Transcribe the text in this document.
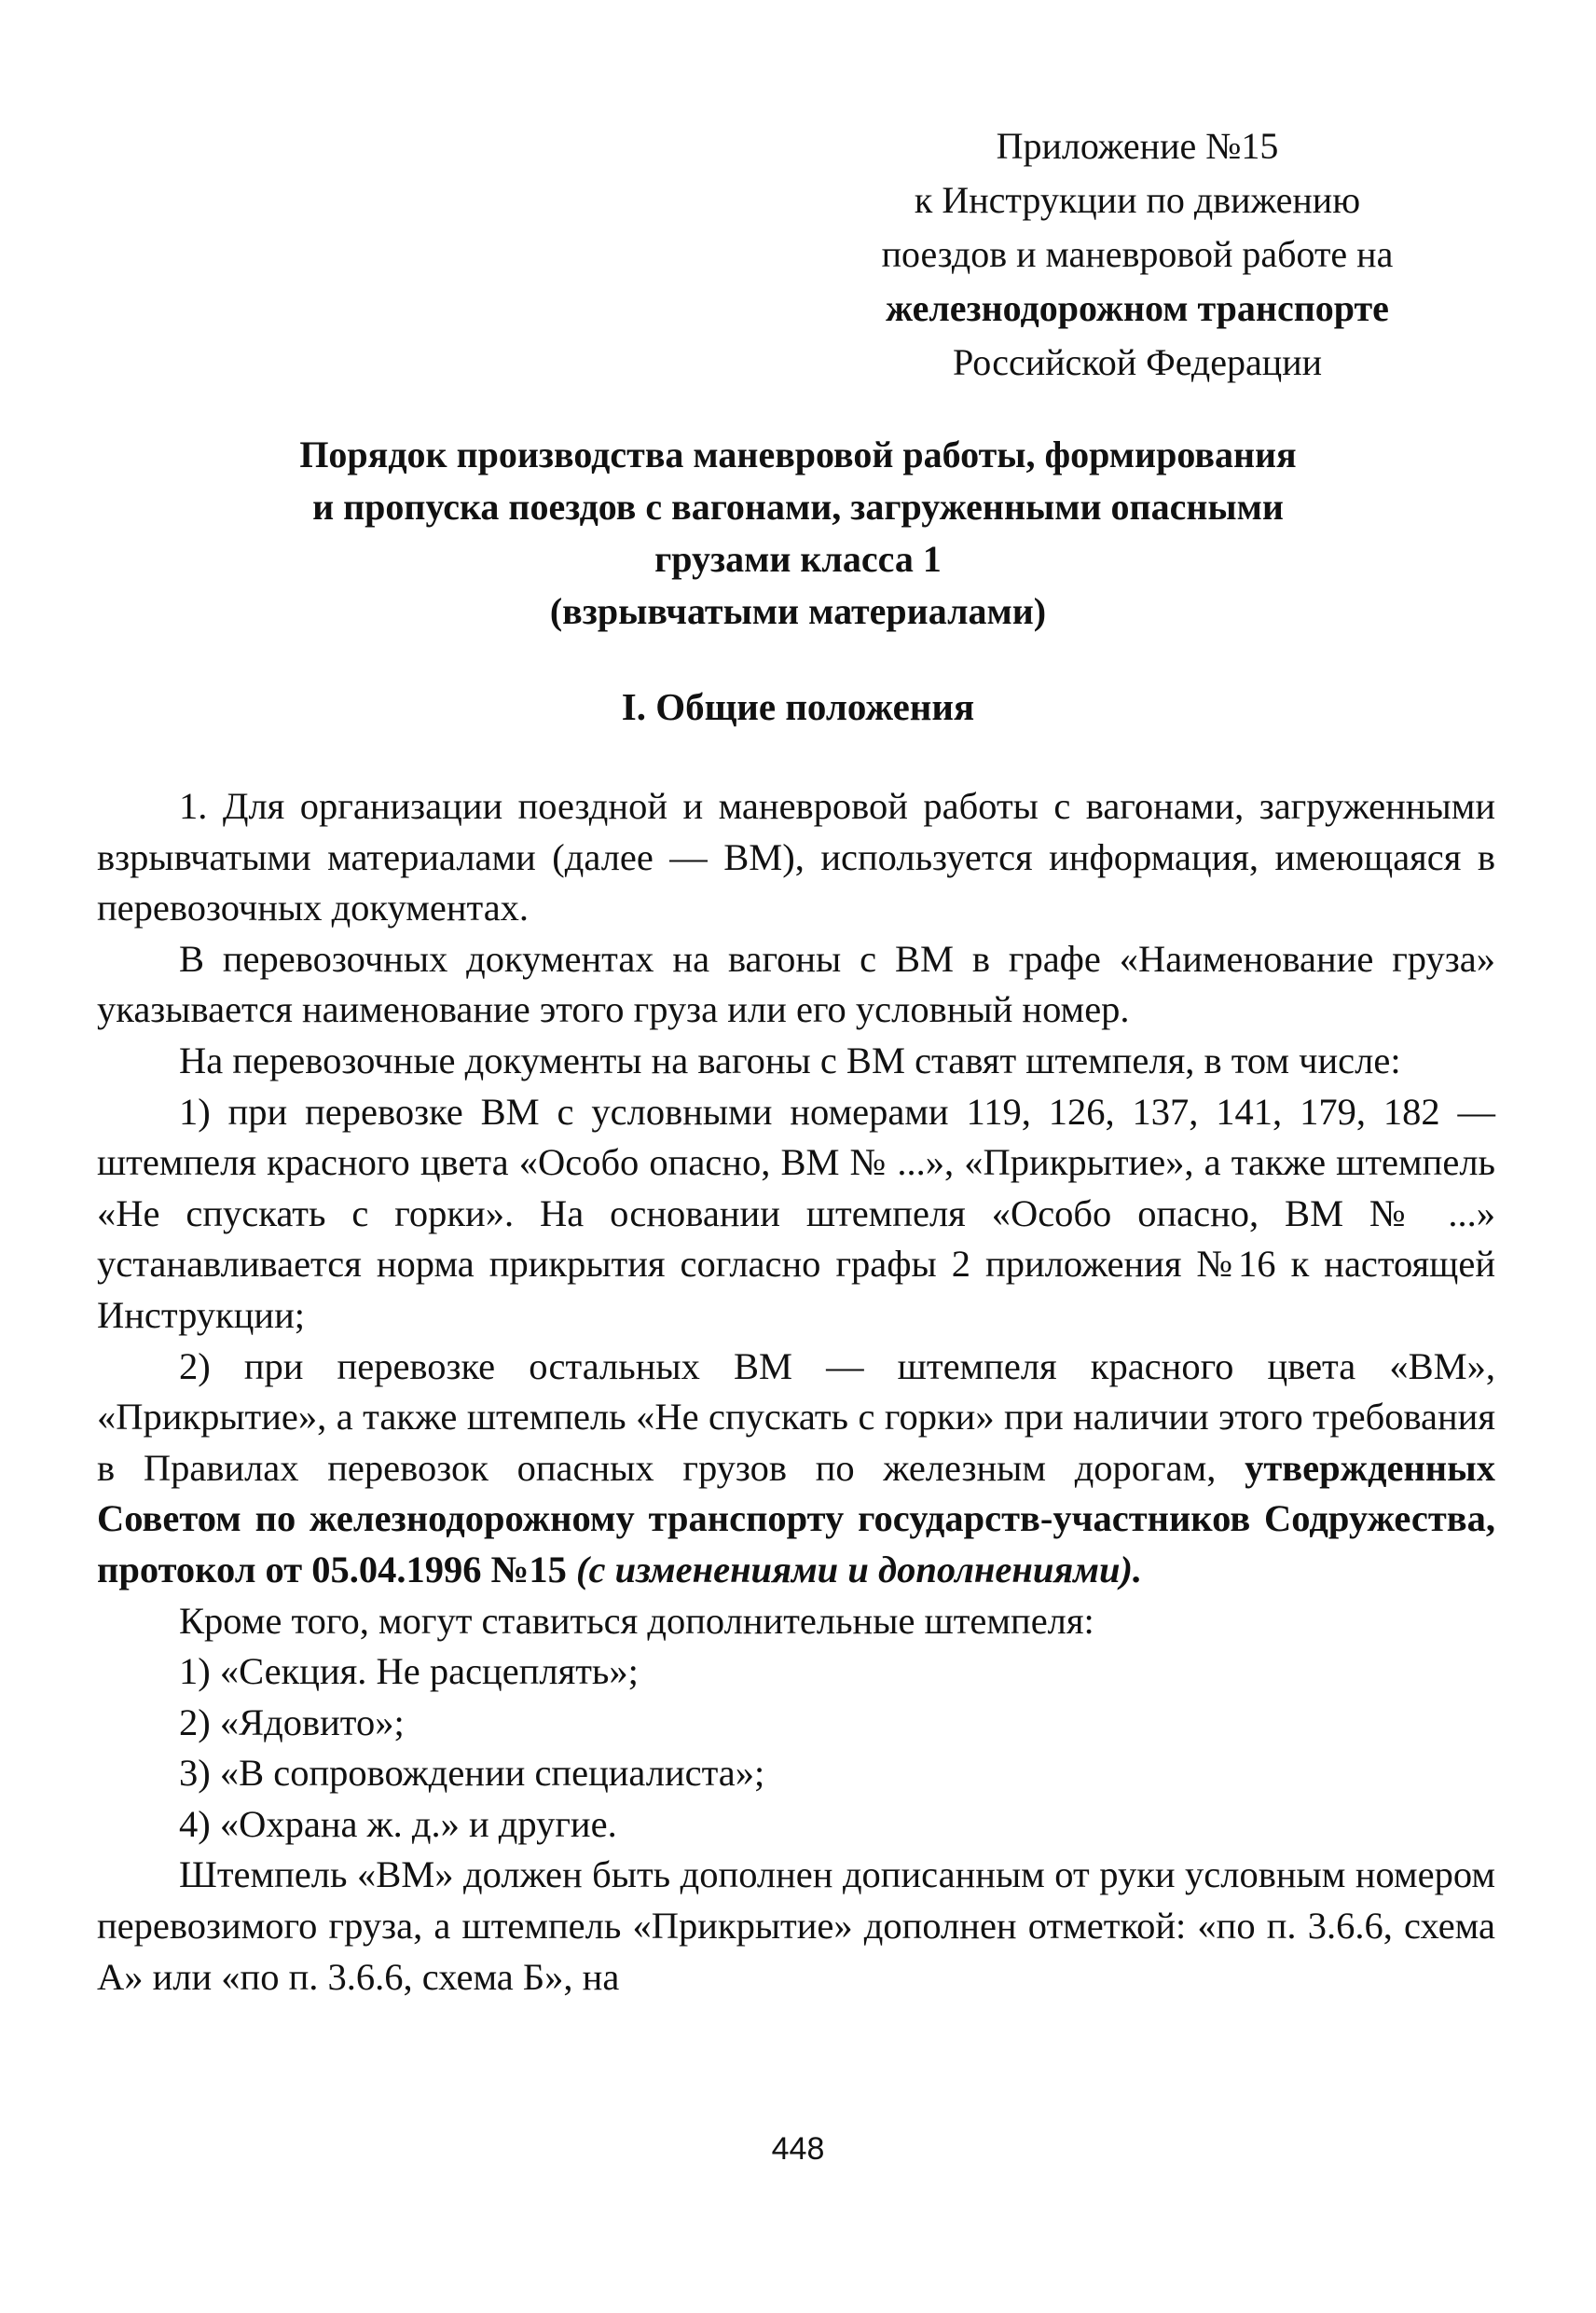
Приложение №15
к Инструкции по движению
поездов и маневровой работе на
железнодорожном транспорте
Российской Федерации
Порядок производства маневровой работы, формирования
и пропуска поездов с вагонами, загруженными опасными
грузами класса 1
(взрывчатыми материалами)
I. Общие положения

1. Для организации поездной и маневровой работы с вагонами, загруженными взрывчатыми материалами (далее — ВМ), используется информация, имеющаяся в перевозочных документах.

В перевозочных документах на вагоны с ВМ в графе «Наименование груза» указывается наименование этого груза или его условный номер.

На перевозочные документы на вагоны с ВМ ставят штемпеля, в том числе:

1) при перевозке ВМ с условными номерами 119, 126, 137, 141, 179, 182 — штемпеля красного цвета «Особо опасно, ВМ № ...», «Прикрытие», а также штемпель «Не спускать с горки». На основании штемпеля «Особо опасно, ВМ № ...» устанавливается норма прикрытия согласно графы 2 приложения №16 к настоящей Инструкции;

2) при перевозке остальных ВМ — штемпеля красного цвета «ВМ», «Прикрытие», а также штемпель «Не спускать с горки» при наличии этого требования в Правилах перевозок опасных грузов по железным дорогам, утвержденных Советом по железнодорожному транспорту государств-участников Содружества, протокол от 05.04.1996 №15 (с изменениями и дополнениями).

Кроме того, могут ставиться дополнительные штемпеля:

1) «Секция. Не расцеплять»;

2) «Ядовито»;

3) «В сопровождении специалиста»;

4) «Охрана ж. д.» и другие.

Штемпель «ВМ» должен быть дополнен дописанным от руки условным номером перевозимого груза, а штемпель «Прикрытие» дополнен отметкой: «по п. 3.6.6, схема А» или «по п. 3.6.6, схема Б», на

448
